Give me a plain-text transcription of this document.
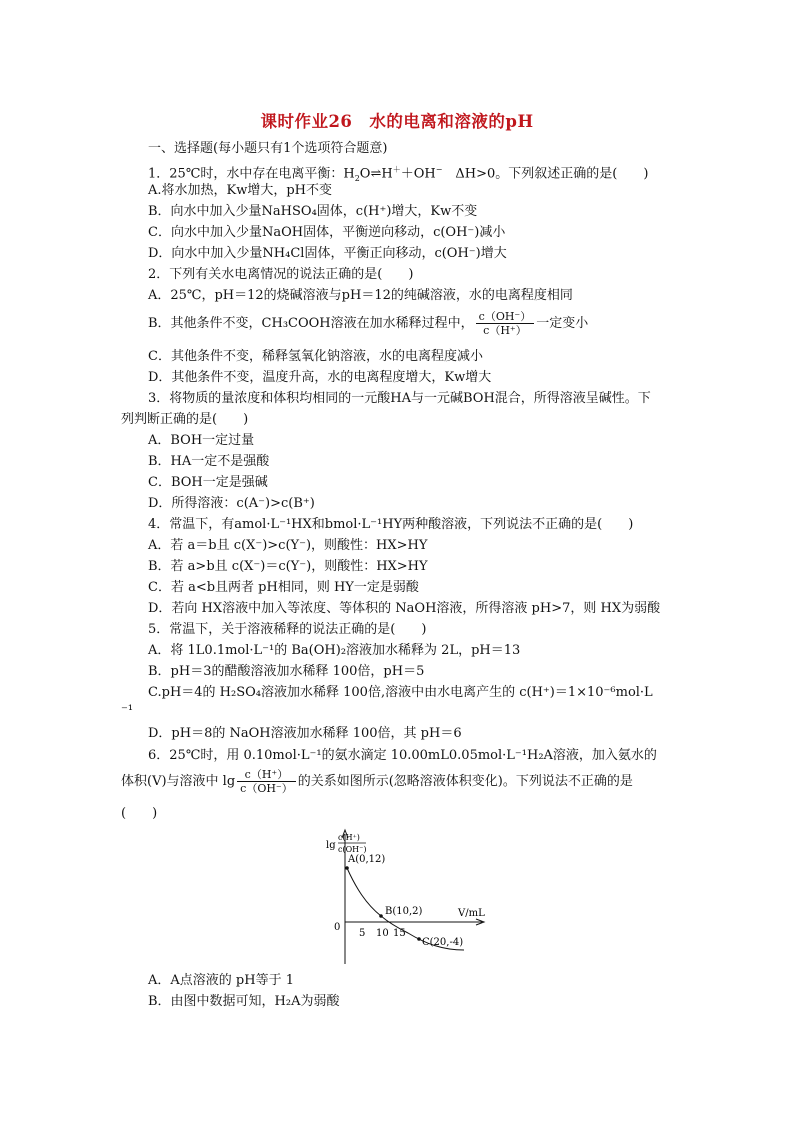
课时作业26　水的电离和溶液的pH
一、选择题(每小题只有1个选项符合题意)
1．25℃时，水中存在电离平衡：$H_2O\rightleftharpoons H^++OH^-$　ΔH>0。下列叙述正确的是(　　)
A.将水加热，Kw增大，pH不变
B．向水中加入少量NaHSO₄固体，c(H⁺)增大，Kw不变
C．向水中加入少量NaOH固体，平衡逆向移动，c(OH⁻)减小
D．向水中加入少量NH₄Cl固体，平衡正向移动，c(OH⁻)增大
2．下列有关水电离情况的说法正确的是(　　)
A．25℃，pH＝12的烧碱溶液与pH＝12的纯碱溶液，水的电离程度相同
B．其他条件不变，CH₃COOH溶液在加水稀释过程中， $\frac{c(OH^-)}{c(H^+)}$ 一定变小
C．其他条件不变，稀释氢氧化钠溶液，水的电离程度减小
D．其他条件不变，温度升高，水的电离程度增大，Kw增大
3．将物质的量浓度和体积均相同的一元酸HA与一元碱BOH混合，所得溶液呈碱性。下
列判断正确的是(　　)
A．BOH一定过量
B．HA一定不是强酸
C．BOH一定是强碱
D．所得溶液：c(A⁻)>c(B⁺)
4．常温下，有amol·L⁻¹HX和bmol·L⁻¹HY两种酸溶液，下列说法不正确的是(　　)
A．若 a＝b且 c(X⁻)>c(Y⁻)，则酸性：HX>HY
B．若 a>b且 c(X⁻)＝c(Y⁻)，则酸性：HX>HY
C．若 a<b且两者 pH相同，则 HY一定是弱酸
D．若向 HX溶液中加入等浓度、等体积的 NaOH溶液，所得溶液 pH>7，则 HX为弱酸
5．常温下，关于溶液稀释的说法正确的是(　　)
A．将 1L0.1mol·L⁻¹的 Ba(OH)₂溶液加水稀释为 2L，pH＝13
B．pH＝3的醋酸溶液加水稀释 100倍，pH＝5
C.pH＝4的 H₂SO₄溶液加水稀释 100倍,溶液中由水电离产生的 c(H⁺)＝1×10⁻⁶mol·L
⁻¹
D．pH＝8的 NaOH溶液加水稀释 100倍，其 pH＝6
6．25℃时，用 0.10mol·L⁻¹的氨水滴定 10.00mL0.05mol·L⁻¹H₂A溶液，加入氨水的
体积(V)与溶液中 $\lg \frac{c(H^+)}{c(OH^-)}$ 的关系如图所示(忽略溶液体积变化)。下列说法不正确的是
(　　)
lg
c(H⁺)
c(OH⁻)
V/mL
0
5 10 15
A(0,12)
B(10,2)
C(20,-4)
A．A点溶液的 pH等于 1
B．由图中数据可知，H₂A为弱酸
